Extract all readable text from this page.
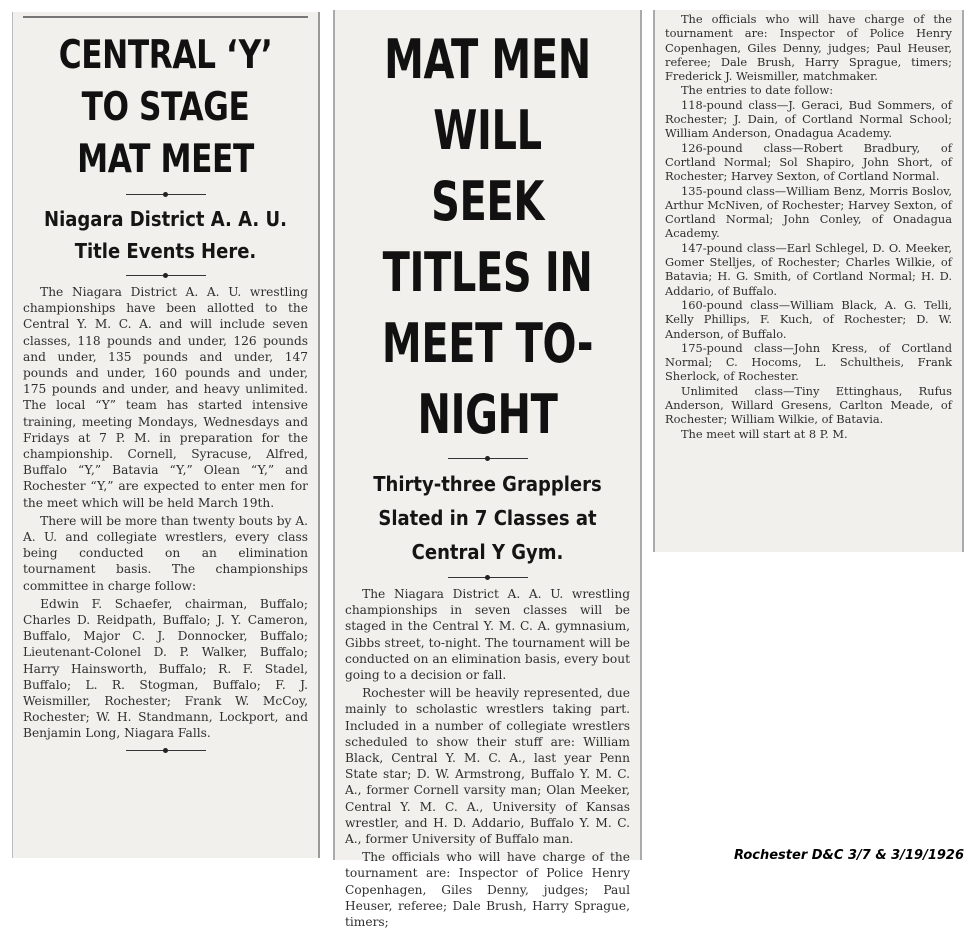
CENTRAL ‘Y’ TO STAGE MAT MEET
Niagara District A. A. U. Title Events Here.

The Niagara District A. A. U. wrestling championships have been allotted to the Central Y. M. C. A. and will include seven classes, 118 pounds and under, 126 pounds and under, 135 pounds and under, 147 pounds and under, 160 pounds and under, 175 pounds and under, and heavy unlimited. The local “Y” team has started intensive training, meeting Mondays, Wednesdays and Fridays at 7 P. M. in preparation for the championship. Cornell, Syracuse, Alfred, Buffalo “Y,” Batavia “Y,” Olean “Y,” and Rochester “Y,” are expected to enter men for the meet which will be held March 19th.

There will be more than twenty bouts by A. A. U. and collegiate wrestlers, every class being conducted on an elimination tournament basis. The championships committee in charge follow:

Edwin F. Schaefer, chairman, Buffalo; Charles D. Reidpath, Buffalo; J. Y. Cameron, Buffalo, Major C. J. Donnocker, Buffalo; Lieutenant-Colonel D. P. Walker, Buffalo; Harry Hainsworth, Buffalo; R. F. Stadel, Buffalo; L. R. Stogman, Buffalo; F. J. Weismiller, Rochester; Frank W. McCoy, Rochester; W. H. Standmann, Lockport, and Benjamin Long, Niagara Falls.

MAT MEN WILL SEEK TITLES IN MEET TO-NIGHT
Thirty-three Grapplers Slated in 7 Classes at Central Y Gym.

The Niagara District A. A. U. wrestling championships in seven classes will be staged in the Central Y. M. C. A. gymnasium, Gibbs street, to-night. The tournament will be conducted on an elimination basis, every bout going to a decision or fall.

Rochester will be heavily represented, due mainly to scholastic wrestlers taking part. Included in a number of collegiate wrestlers scheduled to show their stuff are: William Black, Central Y. M. C. A., last year Penn State star; D. W. Armstrong, Buffalo Y. M. C. A., former Cornell varsity man; Olan Meeker, Central Y. M. C. A., University of Kansas wrestler, and H. D. Addario, Buffalo Y. M. C. A., former University of Buffalo man.

The officials who will have charge of the tournament are: Inspector of Police Henry Copenhagen, Giles Denny, judges; Paul Heuser, referee; Dale Brush, Harry Sprague, timers;

The officials who will have charge of the tournament are: Inspector of Police Henry Copenhagen, Giles Denny, judges; Paul Heuser, referee; Dale Brush, Harry Sprague, timers; Frederick J. Weismiller, matchmaker.

The entries to date follow:

118-pound class—J. Geraci, Bud Sommers, of Rochester; J. Dain, of Cortland Normal School; William Anderson, Onadagua Academy.

126-pound class—Robert Bradbury, of Cortland Normal; Sol Shapiro, John Short, of Rochester; Harvey Sexton, of Cortland Normal.

135-pound class—William Benz, Morris Boslov, Arthur McNiven, of Rochester; Harvey Sexton, of Cortland Normal; John Conley, of Onadagua Academy.

147-pound class—Earl Schlegel, D. O. Meeker, Gomer Stelljes, of Rochester; Charles Wilkie, of Batavia; H. G. Smith, of Cortland Normal; H. D. Addario, of Buffalo.

160-pound class—William Black, A. G. Telli, Kelly Phillips, F. Kuch, of Rochester; D. W. Anderson, of Buffalo.

175-pound class—John Kress, of Cortland Normal; C. Hocoms, L. Schultheis, Frank Sherlock, of Rochester.

Unlimited class—Tiny Ettinghaus, Rufus Anderson, Willard Gresens, Carlton Meade, of Rochester; William Wilkie, of Batavia.

The meet will start at 8 P. M.

Rochester D&C 3/7 & 3/19/1926
